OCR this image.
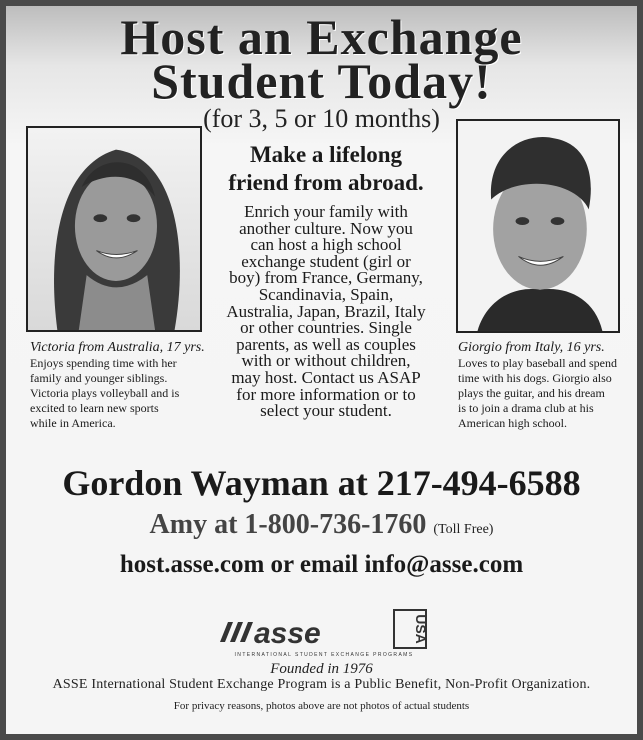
Host an Exchange
Student Today!
(for 3, 5 or 10 months)
Make a lifelong
friend from abroad.
Enrich your family with
another culture. Now you
can host a high school
exchange student (girl or
boy) from France, Germany,
Scandinavia, Spain,
Australia, Japan, Brazil, Italy
or other countries. Single
parents, as well as couples
with or without children,
may host. Contact us ASAP
for more information or to
select your student.
Victoria from Australia, 17 yrs.
Enjoys spending time with her
family and younger siblings.
Victoria plays volleyball and is
excited to learn new sports
while in America.
Giorgio from Italy, 16 yrs.
Loves to play baseball and spend
time with his dogs. Giorgio also
plays the guitar, and his dream
is to join a drama club at his
American high school.
Gordon Wayman at 217-494-6588
Amy at 1-800-736-1760 (Toll Free)
host.asse.com or email info@asse.com
asse	USA
INTERNATIONAL STUDENT EXCHANGE PROGRAMS
Founded in 1976
ASSE International Student Exchange Program is a Public Benefit, Non-Profit Organization.
For privacy reasons, photos above are not photos of actual students
